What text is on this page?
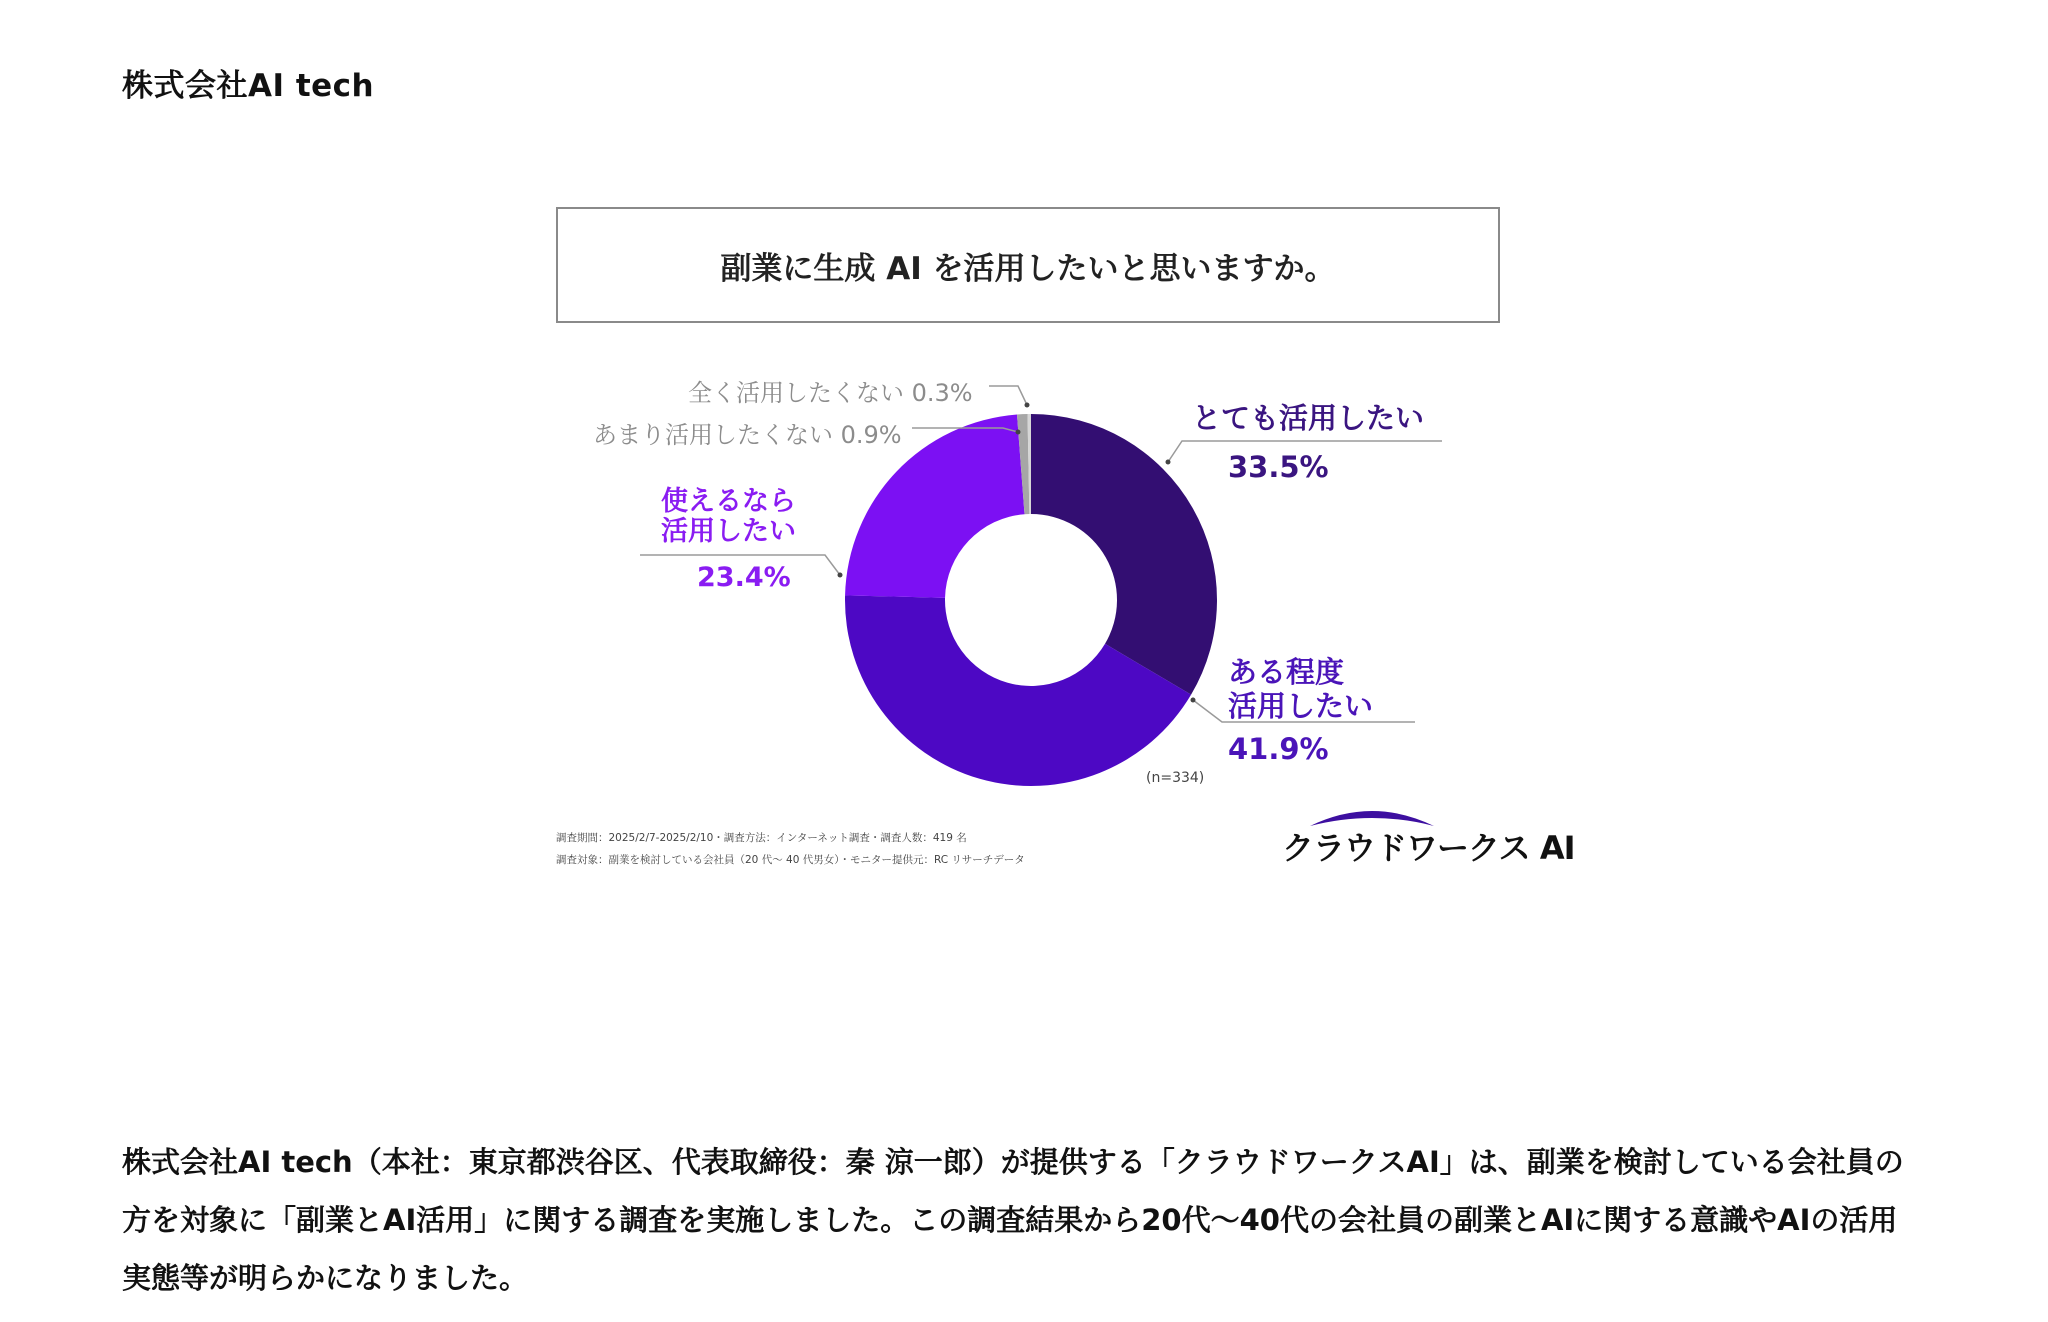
株式会社AI tech
副業に生成 AI を活用したいと思いますか。
全く活用したくない 0.3%
あまり活用したくない 0.9%	とても活用したい
33.5%
使えるなら
活用したい
23.4%
ある程度
活用したい
41.9%
(n=334)
調査期間：2025/2/7-2025/2/10・調査方法：インターネット調査・調査人数：419 名
調査対象：副業を検討している会社員（20 代〜 40 代男女）・モニター提供元：RC リサーチデータ	クラウドワークス AI
株式会社AI tech（本社：東京都渋谷区、代表取締役：秦 涼一郎）が提供する「クラウドワークスAI」は、副業を検討している会社員の方を対象に「副業とAI活用」に関する調査を実施しました。この調査結果から20代～40代の会社員の副業とAIに関する意識やAIの活用実態等が明らかになりました。
